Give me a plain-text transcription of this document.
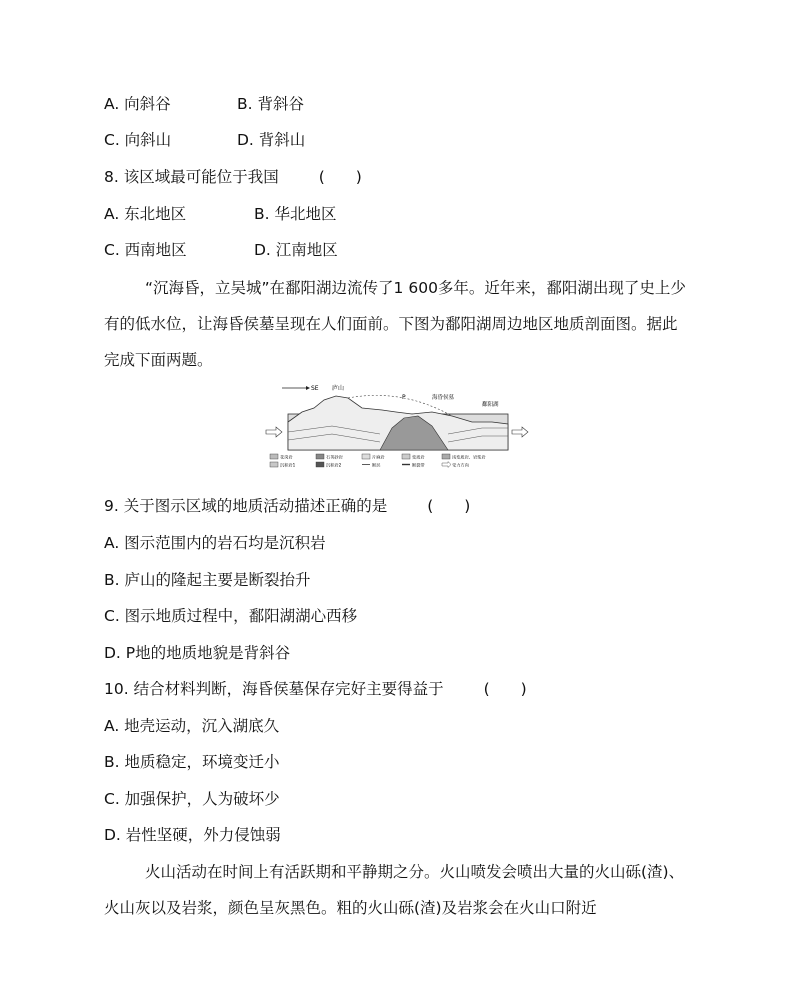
A. 向斜谷	B. 背斜谷
C. 向斜山	D. 背斜山
8. 该区域最可能位于我国	(　　)
A. 东北地区	B. 华北地区
C. 西南地区	D. 江南地区
“沉海昏，立吴城”在鄱阳湖边流传了1 600多年。近年来，鄱阳湖出现了史上少有的低水位，让海昏侯墓呈现在人们面前。下图为鄱阳湖周边地区地质剖面图。据此完成下面两题。
SE 庐山
P	海昏侯墓
鄱阳湖
花岗岩	石英砂岩	片麻岩	变质岩	浅变质岩、岩浆岩
沉积岩1	沉积岩2	断层	断裂带	受力方向
9. 关于图示区域的地质活动描述正确的是	(　　)
A. 图示范围内的岩石均是沉积岩
B. 庐山的隆起主要是断裂抬升
C. 图示地质过程中，鄱阳湖湖心西移
D. P地的地质地貌是背斜谷
10. 结合材料判断，海昏侯墓保存完好主要得益于	(　　)
A. 地壳运动，沉入湖底久
B. 地质稳定，环境变迁小
C. 加强保护，人为破坏少
D. 岩性坚硬，外力侵蚀弱
火山活动在时间上有活跃期和平静期之分。火山喷发会喷出大量的火山砾(渣)、火山灰以及岩浆，颜色呈灰黑色。粗的火山砾(渣)及岩浆会在火山口附近
